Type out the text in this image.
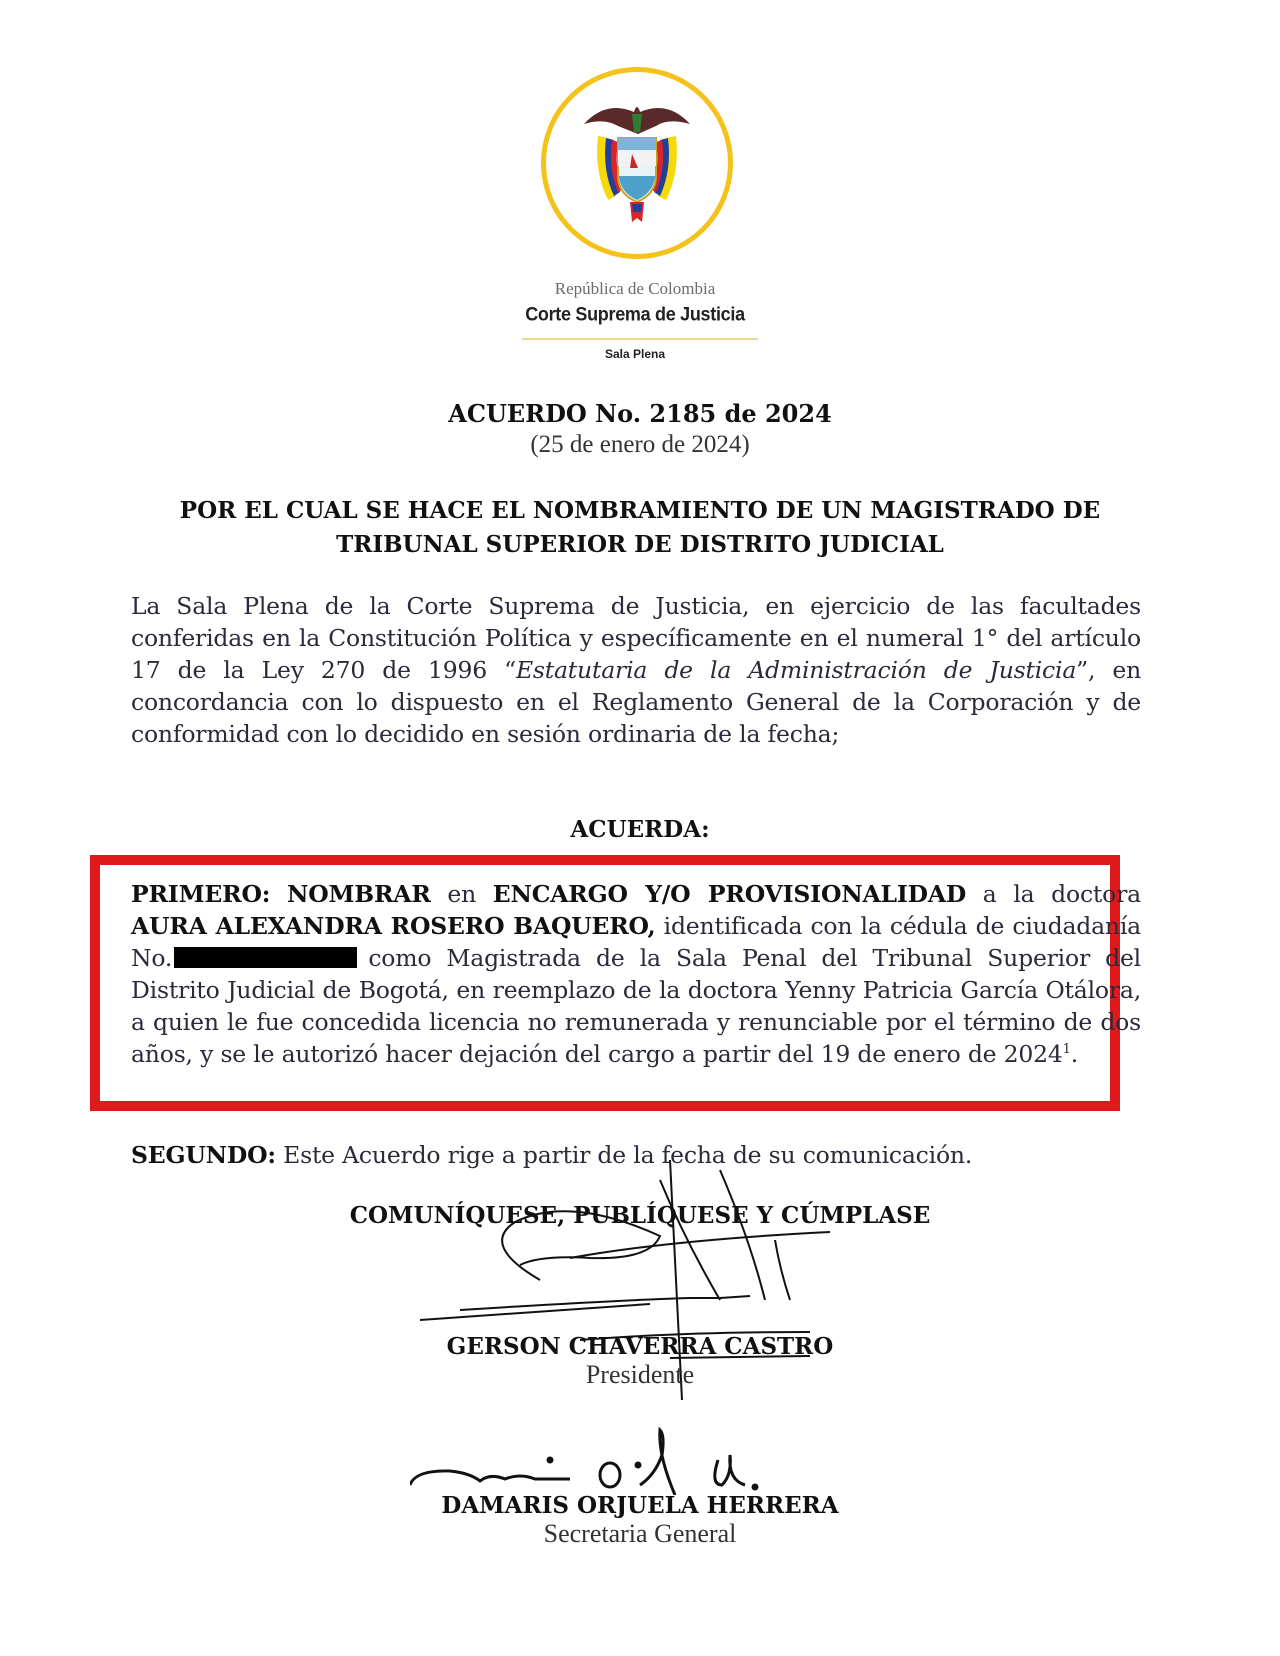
República de Colombia
Corte Suprema de Justicia
Sala Plena
ACUERDO No. 2185 de 2024
(25 de enero de 2024)
POR EL CUAL SE HACE EL NOMBRAMIENTO DE UN MAGISTRADO DE
TRIBUNAL SUPERIOR DE DISTRITO JUDICIAL
La Sala Plena de la Corte Suprema de Justicia, en ejercicio de las facultades conferidas en la Constitución Política y específicamente en el numeral 1° del artículo 17 de la Ley 270 de 1996 “Estatutaria de la Administración de Justicia”, en concordancia con lo dispuesto en el Reglamento General de la Corporación y de conformidad con lo decidido en sesión ordinaria de la fecha;
ACUERDA:
PRIMERO: NOMBRAR en ENCARGO Y/O PROVISIONALIDAD a la doctora AURA ALEXANDRA ROSERO BAQUERO, identificada con la cédula de ciudadanía No.	como Magistrada de la Sala Penal del Tribunal Superior del Distrito Judicial de Bogotá, en reemplazo de la doctora Yenny Patricia García Otálora, a quien le fue concedida licencia no remunerada y renunciable por el término de dos años, y se le autorizó hacer dejación del cargo a partir del 19 de enero de 2024$^1$.
SEGUNDO: Este Acuerdo rige a partir de la fecha de su comunicación.
COMUNÍQUESE, PUBLÍQUESE Y CÚMPLASE
GERSON CHAVERRA CASTRO
Presidente
DAMARIS ORJUELA HERRERA
Secretaria General
